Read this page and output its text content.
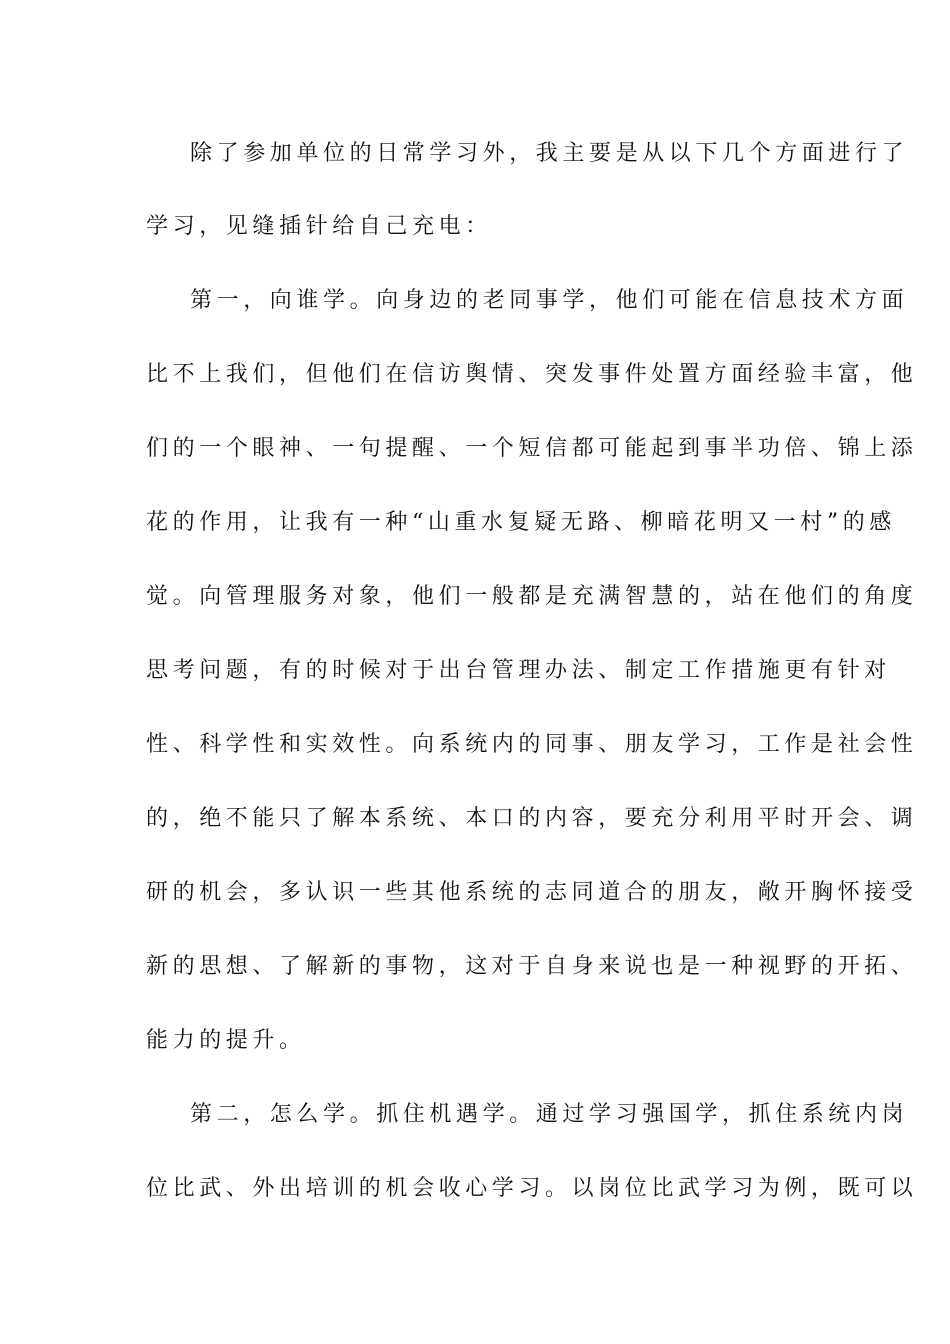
除了参加单位的日常学习外，我主要是从以下几个方面进行了
学习，见缝插针给自己充电：
第一，向谁学。向身边的老同事学，他们可能在信息技术方面
比不上我们，但他们在信访舆情、突发事件处置方面经验丰富，他
们的一个眼神、一句提醒、一个短信都可能起到事半功倍、锦上添
花的作用，让我有一种“山重水复疑无路、柳暗花明又一村”的感
觉。向管理服务对象，他们一般都是充满智慧的，站在他们的角度
思考问题，有的时候对于出台管理办法、制定工作措施更有针对
性、科学性和实效性。向系统内的同事、朋友学习，工作是社会性
的，绝不能只了解本系统、本口的内容，要充分利用平时开会、调
研的机会，多认识一些其他系统的志同道合的朋友，敞开胸怀接受
新的思想、了解新的事物，这对于自身来说也是一种视野的开拓、
能力的提升。
第二，怎么学。抓住机遇学。通过学习强国学，抓住系统内岗
位比武、外出培训的机会收心学习。以岗位比武学习为例，既可以
